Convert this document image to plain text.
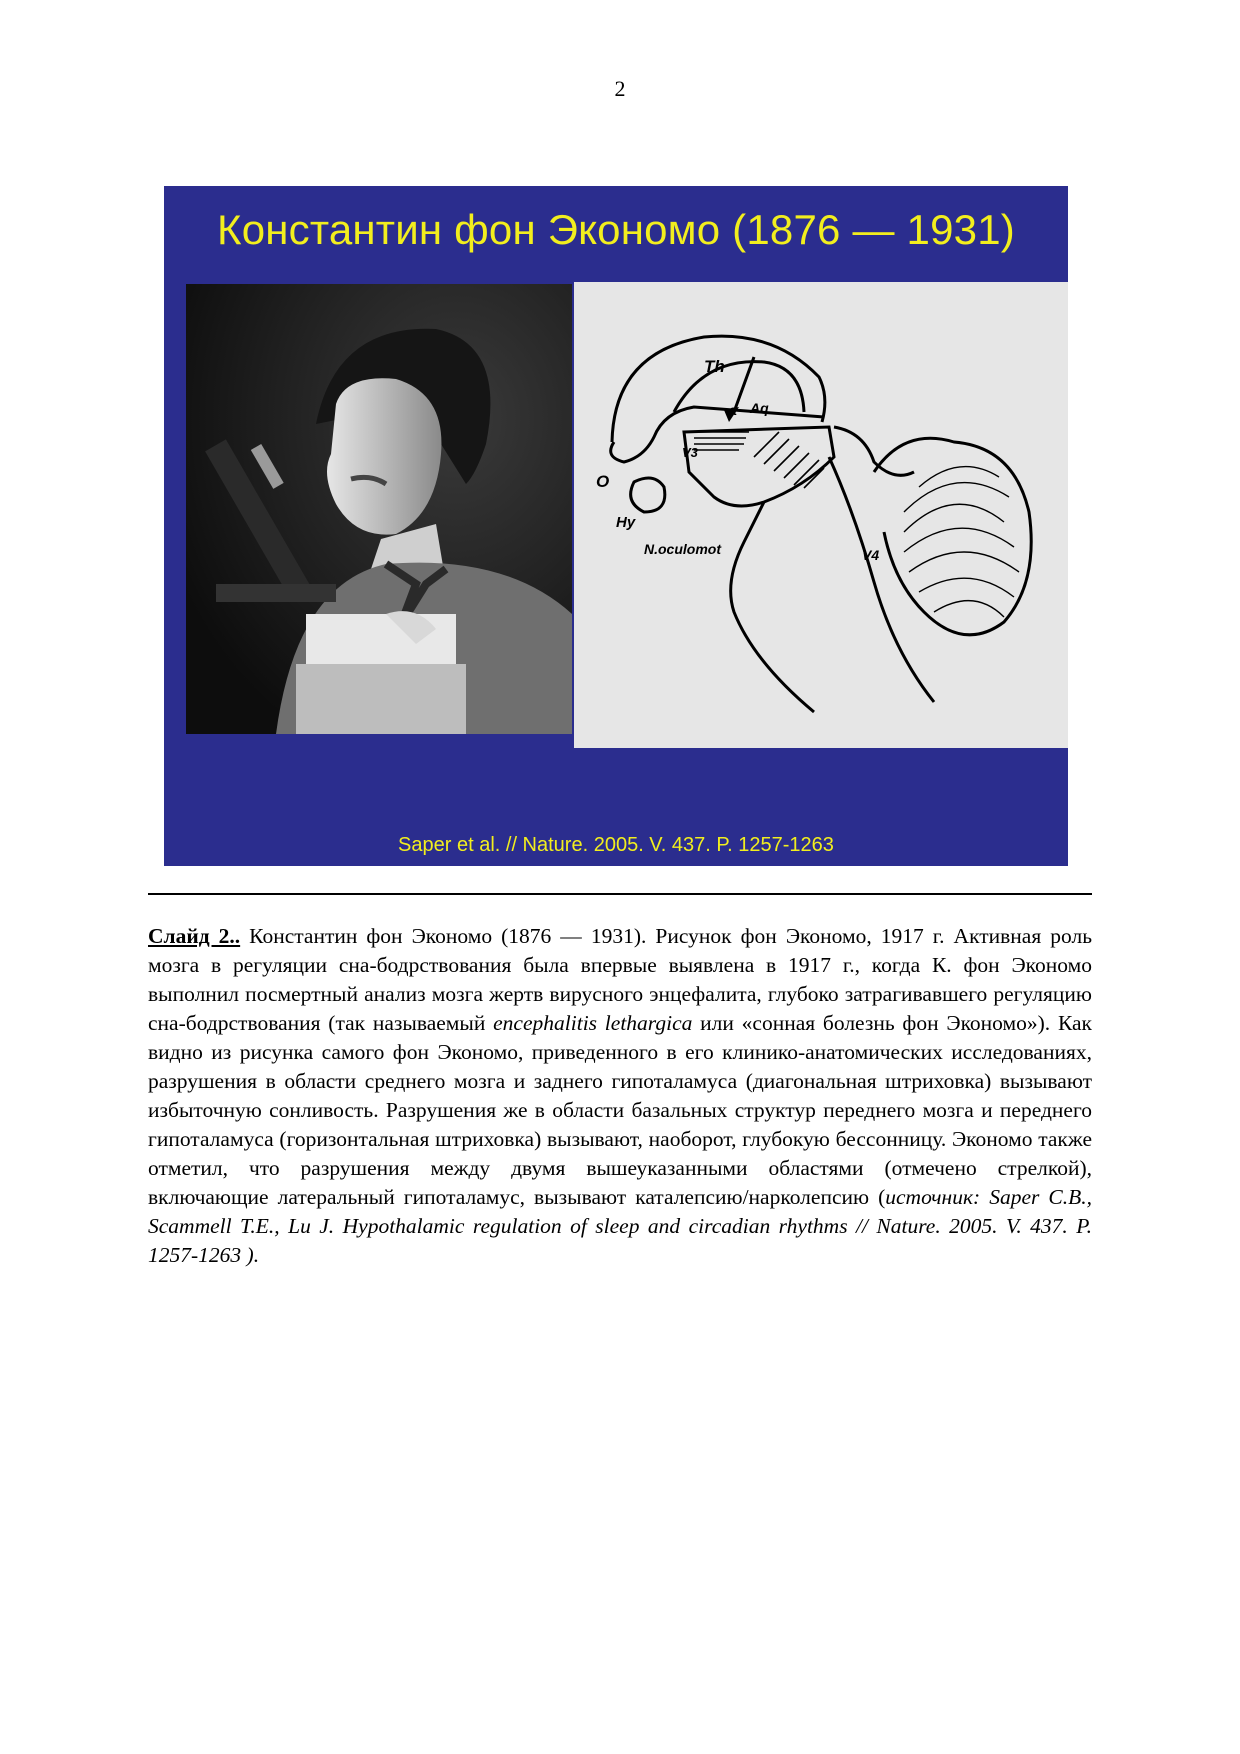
2
Константин фон Экономо (1876 — 1931)
Th
a Aq
O
V3
Hy
N.oculomot	V4
Saper et al. // Nature. 2005. V. 437. P. 1257-1263
Слайд 2.. Константин фон Экономо (1876 — 1931). Рисунок фон Экономо, 1917 г. Активная роль мозга в регуляции сна-бодрствования была впервые выявлена в 1917 г., когда К. фон Экономо выполнил посмертный анализ мозга жертв вирусного энцефалита, глубоко затрагивавшего регуляцию сна-бодрствования (так называемый encephalitis lethargica или «сонная болезнь фон Экономо»). Как видно из рисунка самого фон Экономо, приведенного в его клинико-анатомических исследованиях, разрушения в области среднего мозга и заднего гипоталамуса (диагональная штриховка) вызывают избыточную сонливость. Разрушения же в области базальных структур переднего мозга и переднего гипоталамуса (горизонтальная штриховка) вызывают, наоборот, глубокую бессонницу. Экономо также отметил, что разрушения между двумя вышеуказанными областями (отмечено стрелкой), включающие латеральный гипоталамус, вызывают каталепсию/нарколепсию (источник: Saper C.B., Scammell T.E., Lu J. Hypothalamic regulation of sleep and circadian rhythms // Nature. 2005. V. 437. P. 1257-1263 ).
